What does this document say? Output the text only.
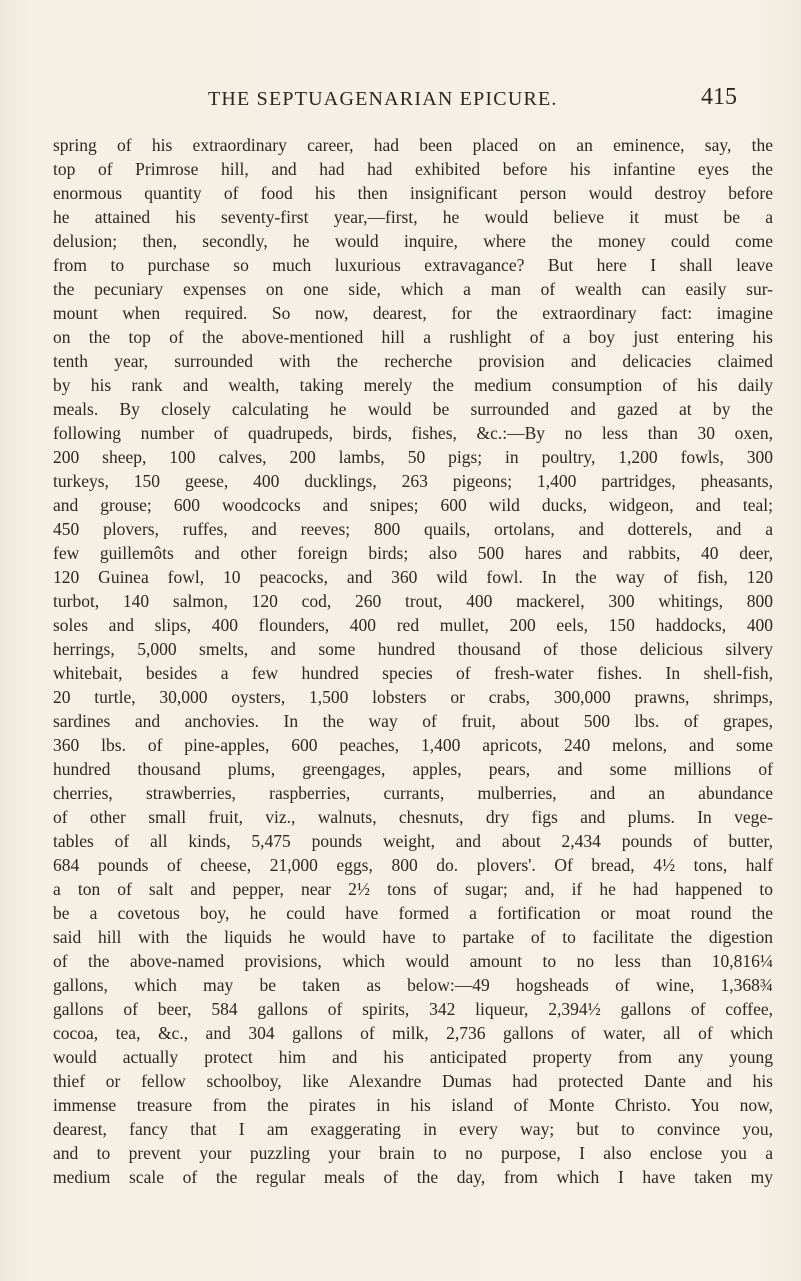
THE SEPTUAGENARIAN EPICURE.	415
spring of his extraordinary career, had been placed on an eminence, say, the
top of Primrose hill, and had had exhibited before his infantine eyes the
enormous quantity of food his then insignificant person would destroy before
he attained his seventy-first year,—first, he would believe it must be a
delusion; then, secondly, he would inquire, where the money could come
from to purchase so much luxurious extravagance? But here I shall leave
the pecuniary expenses on one side, which a man of wealth can easily sur-
mount when required. So now, dearest, for the extraordinary fact: imagine
on the top of the above-mentioned hill a rushlight of a boy just entering his
tenth year, surrounded with the recherche provision and delicacies claimed
by his rank and wealth, taking merely the medium consumption of his daily
meals. By closely calculating he would be surrounded and gazed at by the
following number of quadrupeds, birds, fishes, &c.:—By no less than 30 oxen,
200 sheep, 100 calves, 200 lambs, 50 pigs; in poultry, 1,200 fowls, 300
turkeys, 150 geese, 400 ducklings, 263 pigeons; 1,400 partridges, pheasants,
and grouse; 600 woodcocks and snipes; 600 wild ducks, widgeon, and teal;
450 plovers, ruffes, and reeves; 800 quails, ortolans, and dotterels, and a
few guillemôts and other foreign birds; also 500 hares and rabbits, 40 deer,
120 Guinea fowl, 10 peacocks, and 360 wild fowl. In the way of fish, 120
turbot, 140 salmon, 120 cod, 260 trout, 400 mackerel, 300 whitings, 800
soles and slips, 400 flounders, 400 red mullet, 200 eels, 150 haddocks, 400
herrings, 5,000 smelts, and some hundred thousand of those delicious silvery
whitebait, besides a few hundred species of fresh-water fishes. In shell-fish,
20 turtle, 30,000 oysters, 1,500 lobsters or crabs, 300,000 prawns, shrimps,
sardines and anchovies. In the way of fruit, about 500 lbs. of grapes,
360 lbs. of pine-apples, 600 peaches, 1,400 apricots, 240 melons, and some
hundred thousand plums, greengages, apples, pears, and some millions of
cherries, strawberries, raspberries, currants, mulberries, and an abundance
of other small fruit, viz., walnuts, chesnuts, dry figs and plums. In vege-
tables of all kinds, 5,475 pounds weight, and about 2,434 pounds of butter,
684 pounds of cheese, 21,000 eggs, 800 do. plovers'. Of bread, 4½ tons, half
a ton of salt and pepper, near 2½ tons of sugar; and, if he had happened to
be a covetous boy, he could have formed a fortification or moat round the
said hill with the liquids he would have to partake of to facilitate the digestion
of the above-named provisions, which would amount to no less than 10,816¼
gallons, which may be taken as below:—49 hogsheads of wine, 1,368¾
gallons of beer, 584 gallons of spirits, 342 liqueur, 2,394½ gallons of coffee,
cocoa, tea, &c., and 304 gallons of milk, 2,736 gallons of water, all of which
would actually protect him and his anticipated property from any young
thief or fellow schoolboy, like Alexandre Dumas had protected Dante and his
immense treasure from the pirates in his island of Monte Christo. You now,
dearest, fancy that I am exaggerating in every way; but to convince you,
and to prevent your puzzling your brain to no purpose, I also enclose you a
medium scale of the regular meals of the day, from which I have taken my
